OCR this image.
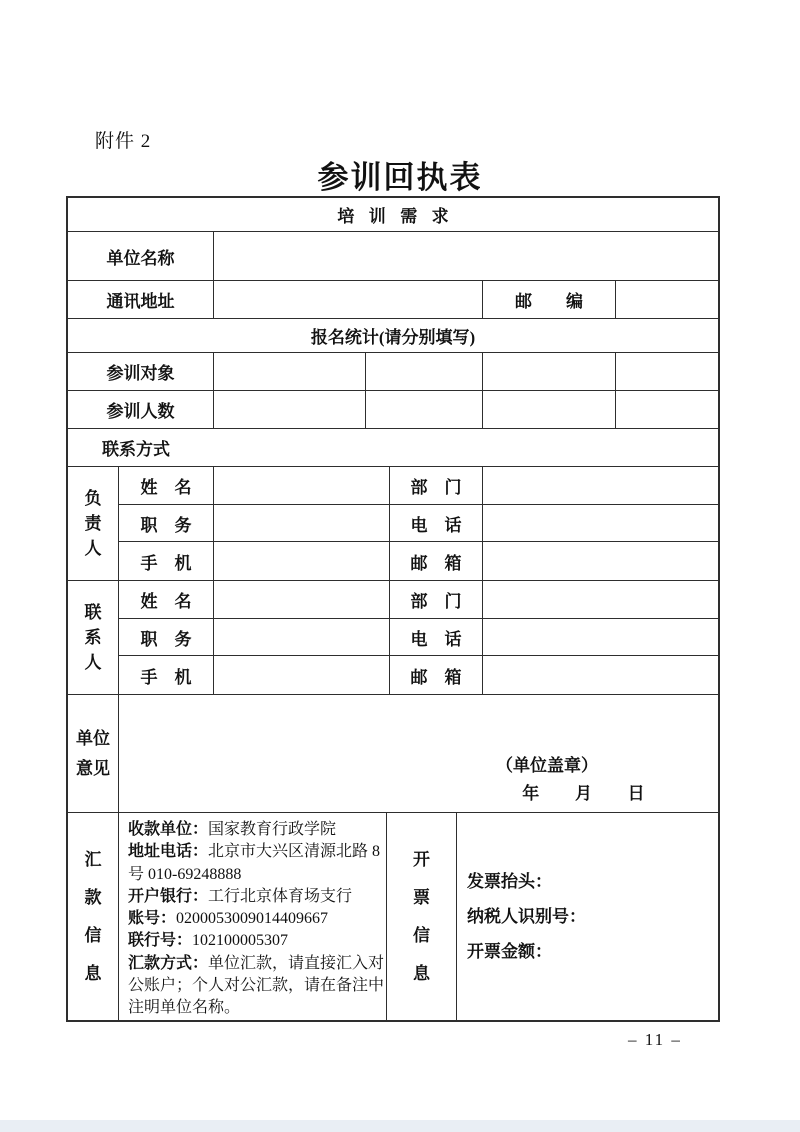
附件 2
参训回执表
培训需求
单位名称
通讯地址	邮　　编
报名统计(请分别填写)
参训对象
参训人数
联系方式
负责人
姓　名	部　门
职　务	电　话
手　机	邮　箱
联系人
姓　名	部　门
职　务	电　话
手　机	邮　箱
单位意见	（单位盖章）
年　月　日
汇款信息
收款单位：国家教育行政学院
地址电话：北京市大兴区清源北路 8
号 010-69248888
开户银行：工行北京体育场支行
账号：0200053009014409667
联行号：102100005307
汇款方式：单位汇款，请直接汇入对
公账户；个人对公汇款，请在备注中
注明单位名称。
开票信息
发票抬头：
纳税人识别号：
开票金额：
– 11 –
